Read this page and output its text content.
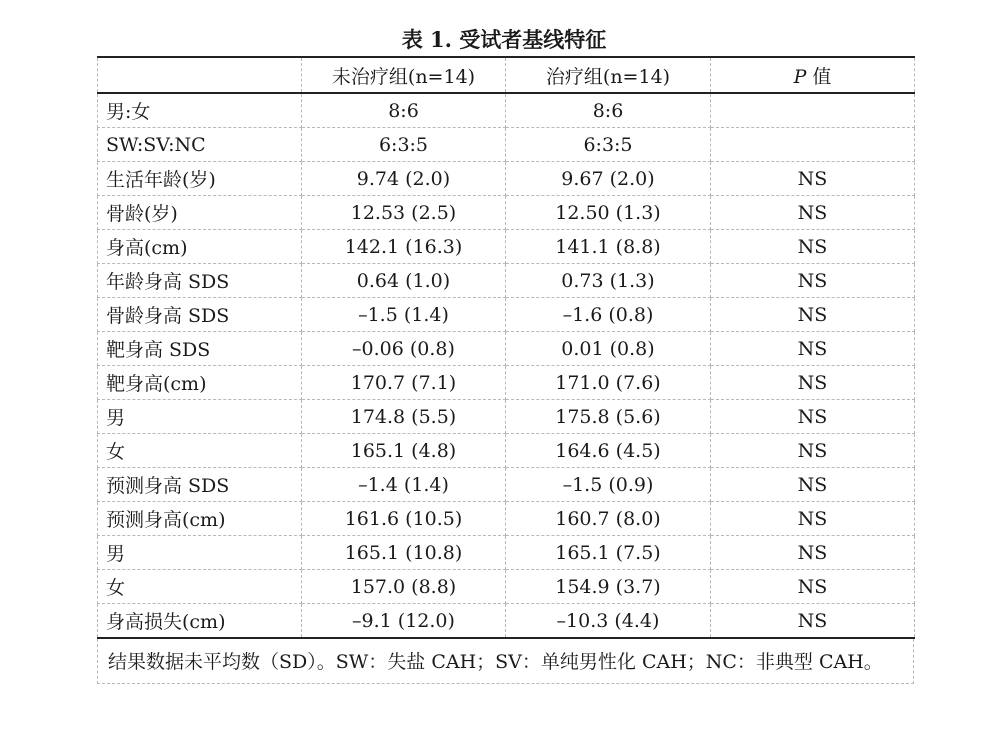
表 1. 受试者基线特征
	未治疗组(n=14)	治疗组(n=14)	P 值
男:女	8:6	8:6	
SW:SV:NC	6:3:5	6:3:5	
生活年龄(岁)	9.74 (2.0)	9.67 (2.0)	NS
骨龄(岁)	12.53 (2.5)	12.50 (1.3)	NS
身高(cm)	142.1 (16.3)	141.1 (8.8)	NS
年龄身高 SDS	0.64 (1.0)	0.73 (1.3)	NS
骨龄身高 SDS	–1.5 (1.4)	–1.6 (0.8)	NS
靶身高 SDS	–0.06 (0.8)	0.01 (0.8)	NS
靶身高(cm)	170.7 (7.1)	171.0 (7.6)	NS
男	174.8 (5.5)	175.8 (5.6)	NS
女	165.1 (4.8)	164.6 (4.5)	NS
预测身高 SDS	–1.4 (1.4)	–1.5 (0.9)	NS
预测身高(cm)	161.6 (10.5)	160.7 (8.0)	NS
男	165.1 (10.8)	165.1 (7.5)	NS
女	157.0 (8.8)	154.9 (3.7)	NS
身高损失(cm)	–9.1 (12.0)	–10.3 (4.4)	NS
结果数据未平均数（SD）。SW：失盐 CAH；SV：单纯男性化 CAH；NC：非典型 CAH。
